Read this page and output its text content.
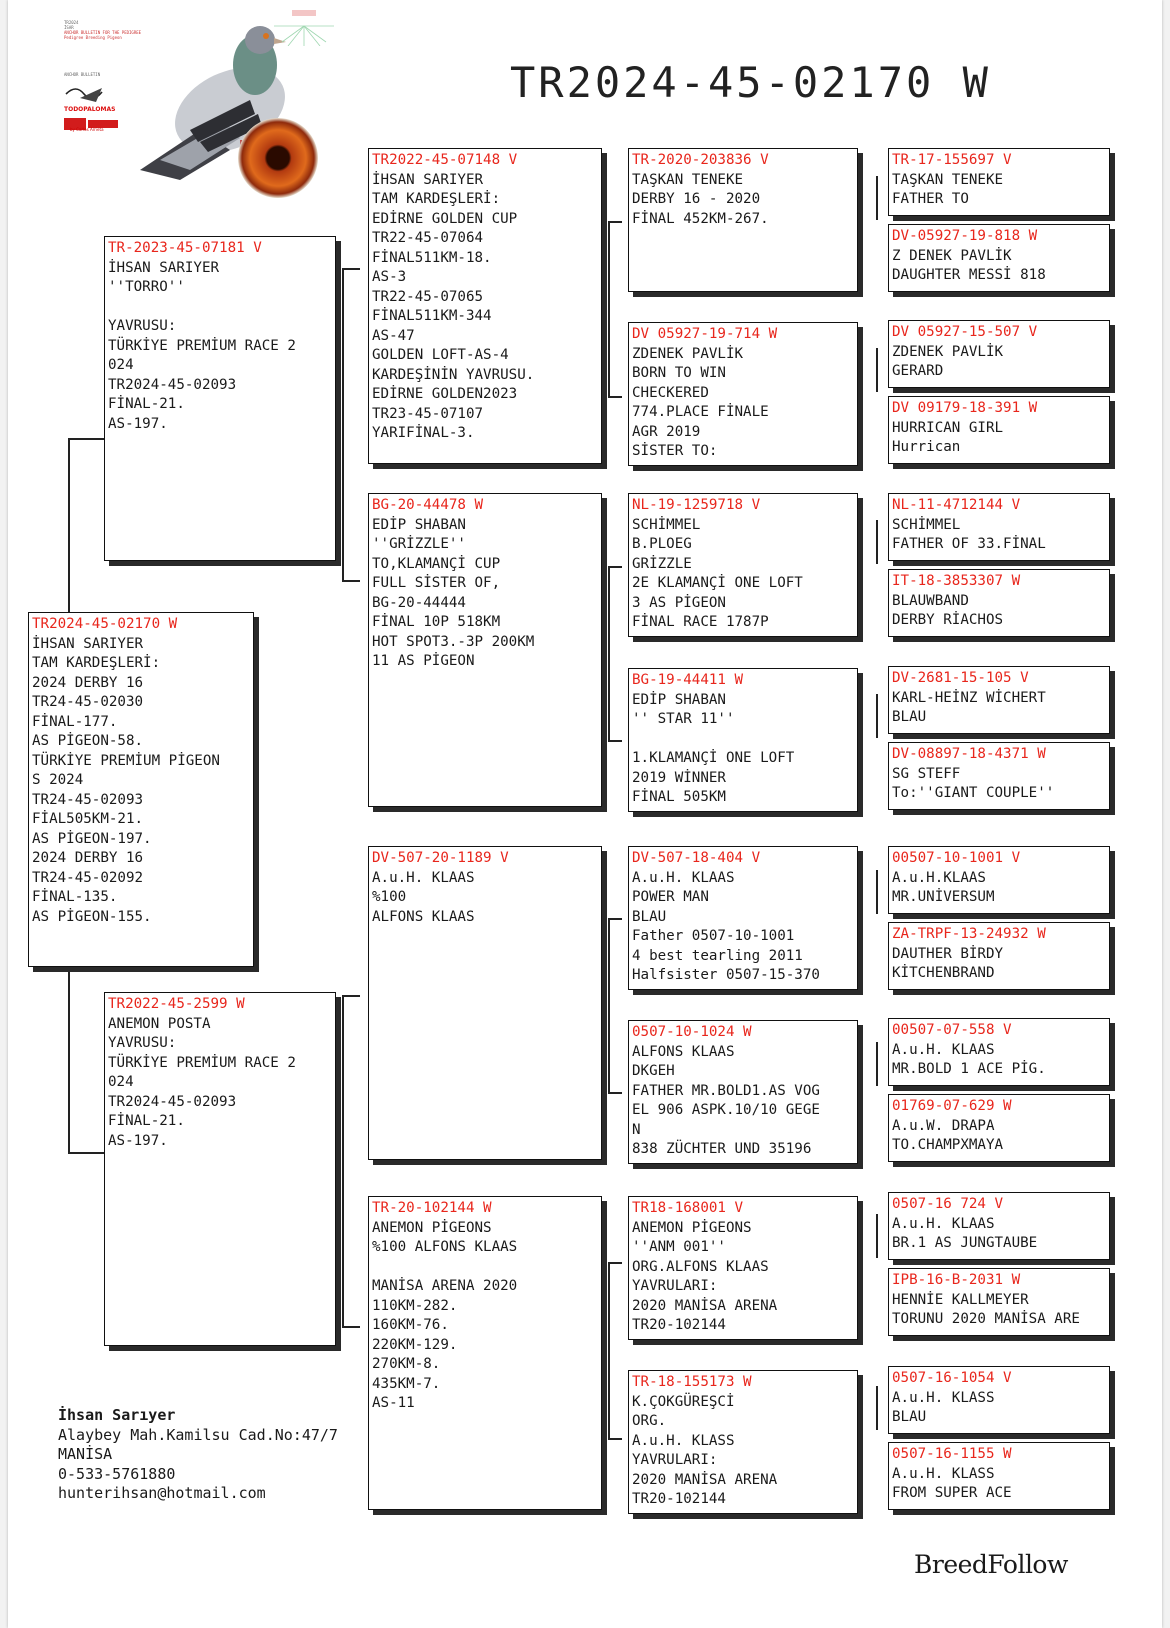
TR2024
İSAR
ANCHOR BULLETIN FOR THE PEDIGREE
Pedigree Breeding Pigeon
ANCHOR BULLETIN
TODOPALOMAS
BREED
by Carlos Arrieta
TR2024-45-02170 W
TR2024-45-02170 W
İHSAN SARIYER
TAM KARDEŞLERİ:
2024 DERBY 16
TR24-45-02030
FİNAL-177.
AS PİGEON-58.
TÜRKİYE PREMİUM PİGEON
S 2024
TR24-45-02093
FİAL505KM-21.
AS PİGEON-197.
2024 DERBY 16
TR24-45-02092
FİNAL-135.
AS PİGEON-155.
TR-2023-45-07181 V
İHSAN SARIYER
''TORRO''
YAVRUSU:
TÜRKİYE PREMİUM RACE 2
024
TR2024-45-02093
FİNAL-21.
AS-197.
TR2022-45-2599 W
ANEMON POSTA
YAVRUSU:
TÜRKİYE PREMİUM RACE 2
024
TR2024-45-02093
FİNAL-21.
AS-197.
TR2022-45-07148 V
İHSAN SARIYER
TAM KARDEŞLERİ:
EDİRNE GOLDEN CUP
TR22-45-07064
FİNAL511KM-18.
AS-3
TR22-45-07065
FİNAL511KM-344
AS-47
GOLDEN LOFT-AS-4
KARDEŞİNİN YAVRUSU.
EDİRNE GOLDEN2023
TR23-45-07107
YARIFİNAL-3.
BG-20-44478 W
EDİP SHABAN
''GRİZZLE''
TO,KLAMANÇİ CUP
FULL SİSTER OF,
BG-20-44444
FİNAL 10P 518KM
HOT SPOT3.-3P 200KM
11 AS PİGEON
DV-507-20-1189 V
A.u.H. KLAAS
%100
ALFONS KLAAS
TR-20-102144 W
ANEMON PİGEONS
%100 ALFONS KLAAS
MANİSA ARENA 2020
110KM-282.
160KM-76.
220KM-129.
270KM-8.
435KM-7.
AS-11
TR-2020-203836 V
TAŞKAN TENEKE
DERBY 16 - 2020
FİNAL 452KM-267.
DV 05927-19-714 W
ZDENEK PAVLİK
BORN TO WIN
CHECKERED
774.PLACE FİNALE
AGR 2019
SİSTER TO:
NL-19-1259718 V
SCHİMMEL
B.PLOEG
GRİZZLE
2E KLAMANÇİ ONE LOFT
3 AS PİGEON
FİNAL RACE 1787P
BG-19-44411 W
EDİP SHABAN
'' STAR 11''
1.KLAMANÇİ ONE LOFT
2019 WİNNER
FİNAL 505KM
DV-507-18-404 V
A.u.H. KLAAS
POWER MAN
BLAU
Father 0507-10-1001
4 best tearling 2011
Halfsister 0507-15-370
0507-10-1024 W
ALFONS KLAAS
DKGEH
FATHER MR.BOLD1.AS VOG
EL 906 ASPK.10/10 GEGE
N
838 ZÜCHTER UND 35196
TR18-168001 V
ANEMON PİGEONS
''ANM 001''
ORG.ALFONS KLAAS
YAVRULARI:
2020 MANİSA ARENA
TR20-102144
TR-18-155173 W
K.ÇOKGÜREŞCİ
ORG.
A.u.H. KLASS
YAVRULARI:
2020 MANİSA ARENA
TR20-102144
TR-17-155697 V
TAŞKAN TENEKE
FATHER TO
DV-05927-19-818 W
Z DENEK PAVLİK
DAUGHTER MESSİ 818
DV 05927-15-507 V
ZDENEK PAVLİK
GERARD
DV 09179-18-391 W
HURRICAN GIRL
Hurrican
NL-11-4712144 V
SCHİMMEL
FATHER OF 33.FİNAL
IT-18-3853307 W
BLAUWBAND
DERBY RİACHOS
DV-2681-15-105 V
KARL-HEİNZ WİCHERT
BLAU
DV-08897-18-4371 W
SG STEFF
To:''GIANT COUPLE''
00507-10-1001 V
A.u.H.KLAAS
MR.UNİVERSUM
ZA-TRPF-13-24932 W
DAUTHER BİRDY
KİTCHENBRAND
00507-07-558 V
A.u.H. KLAAS
MR.BOLD 1 ACE PİG.
01769-07-629 W
A.u.W. DRAPA
TO.CHAMPXMAYA
0507-16 724 V
A.u.H. KLAAS
BR.1 AS JUNGTAUBE
IPB-16-B-2031 W
HENNİE KALLMEYER
TORUNU 2020 MANİSA ARE
0507-16-1054 V
A.u.H. KLASS
BLAU
0507-16-1155 W
A.u.H. KLASS
FROM SUPER ACE
İhsan Sarıyer
Alaybey Mah.Kamilsu Cad.No:47/7
MANİSA
0-533-5761880
hunterihsan@hotmail.com
BreedFollow
